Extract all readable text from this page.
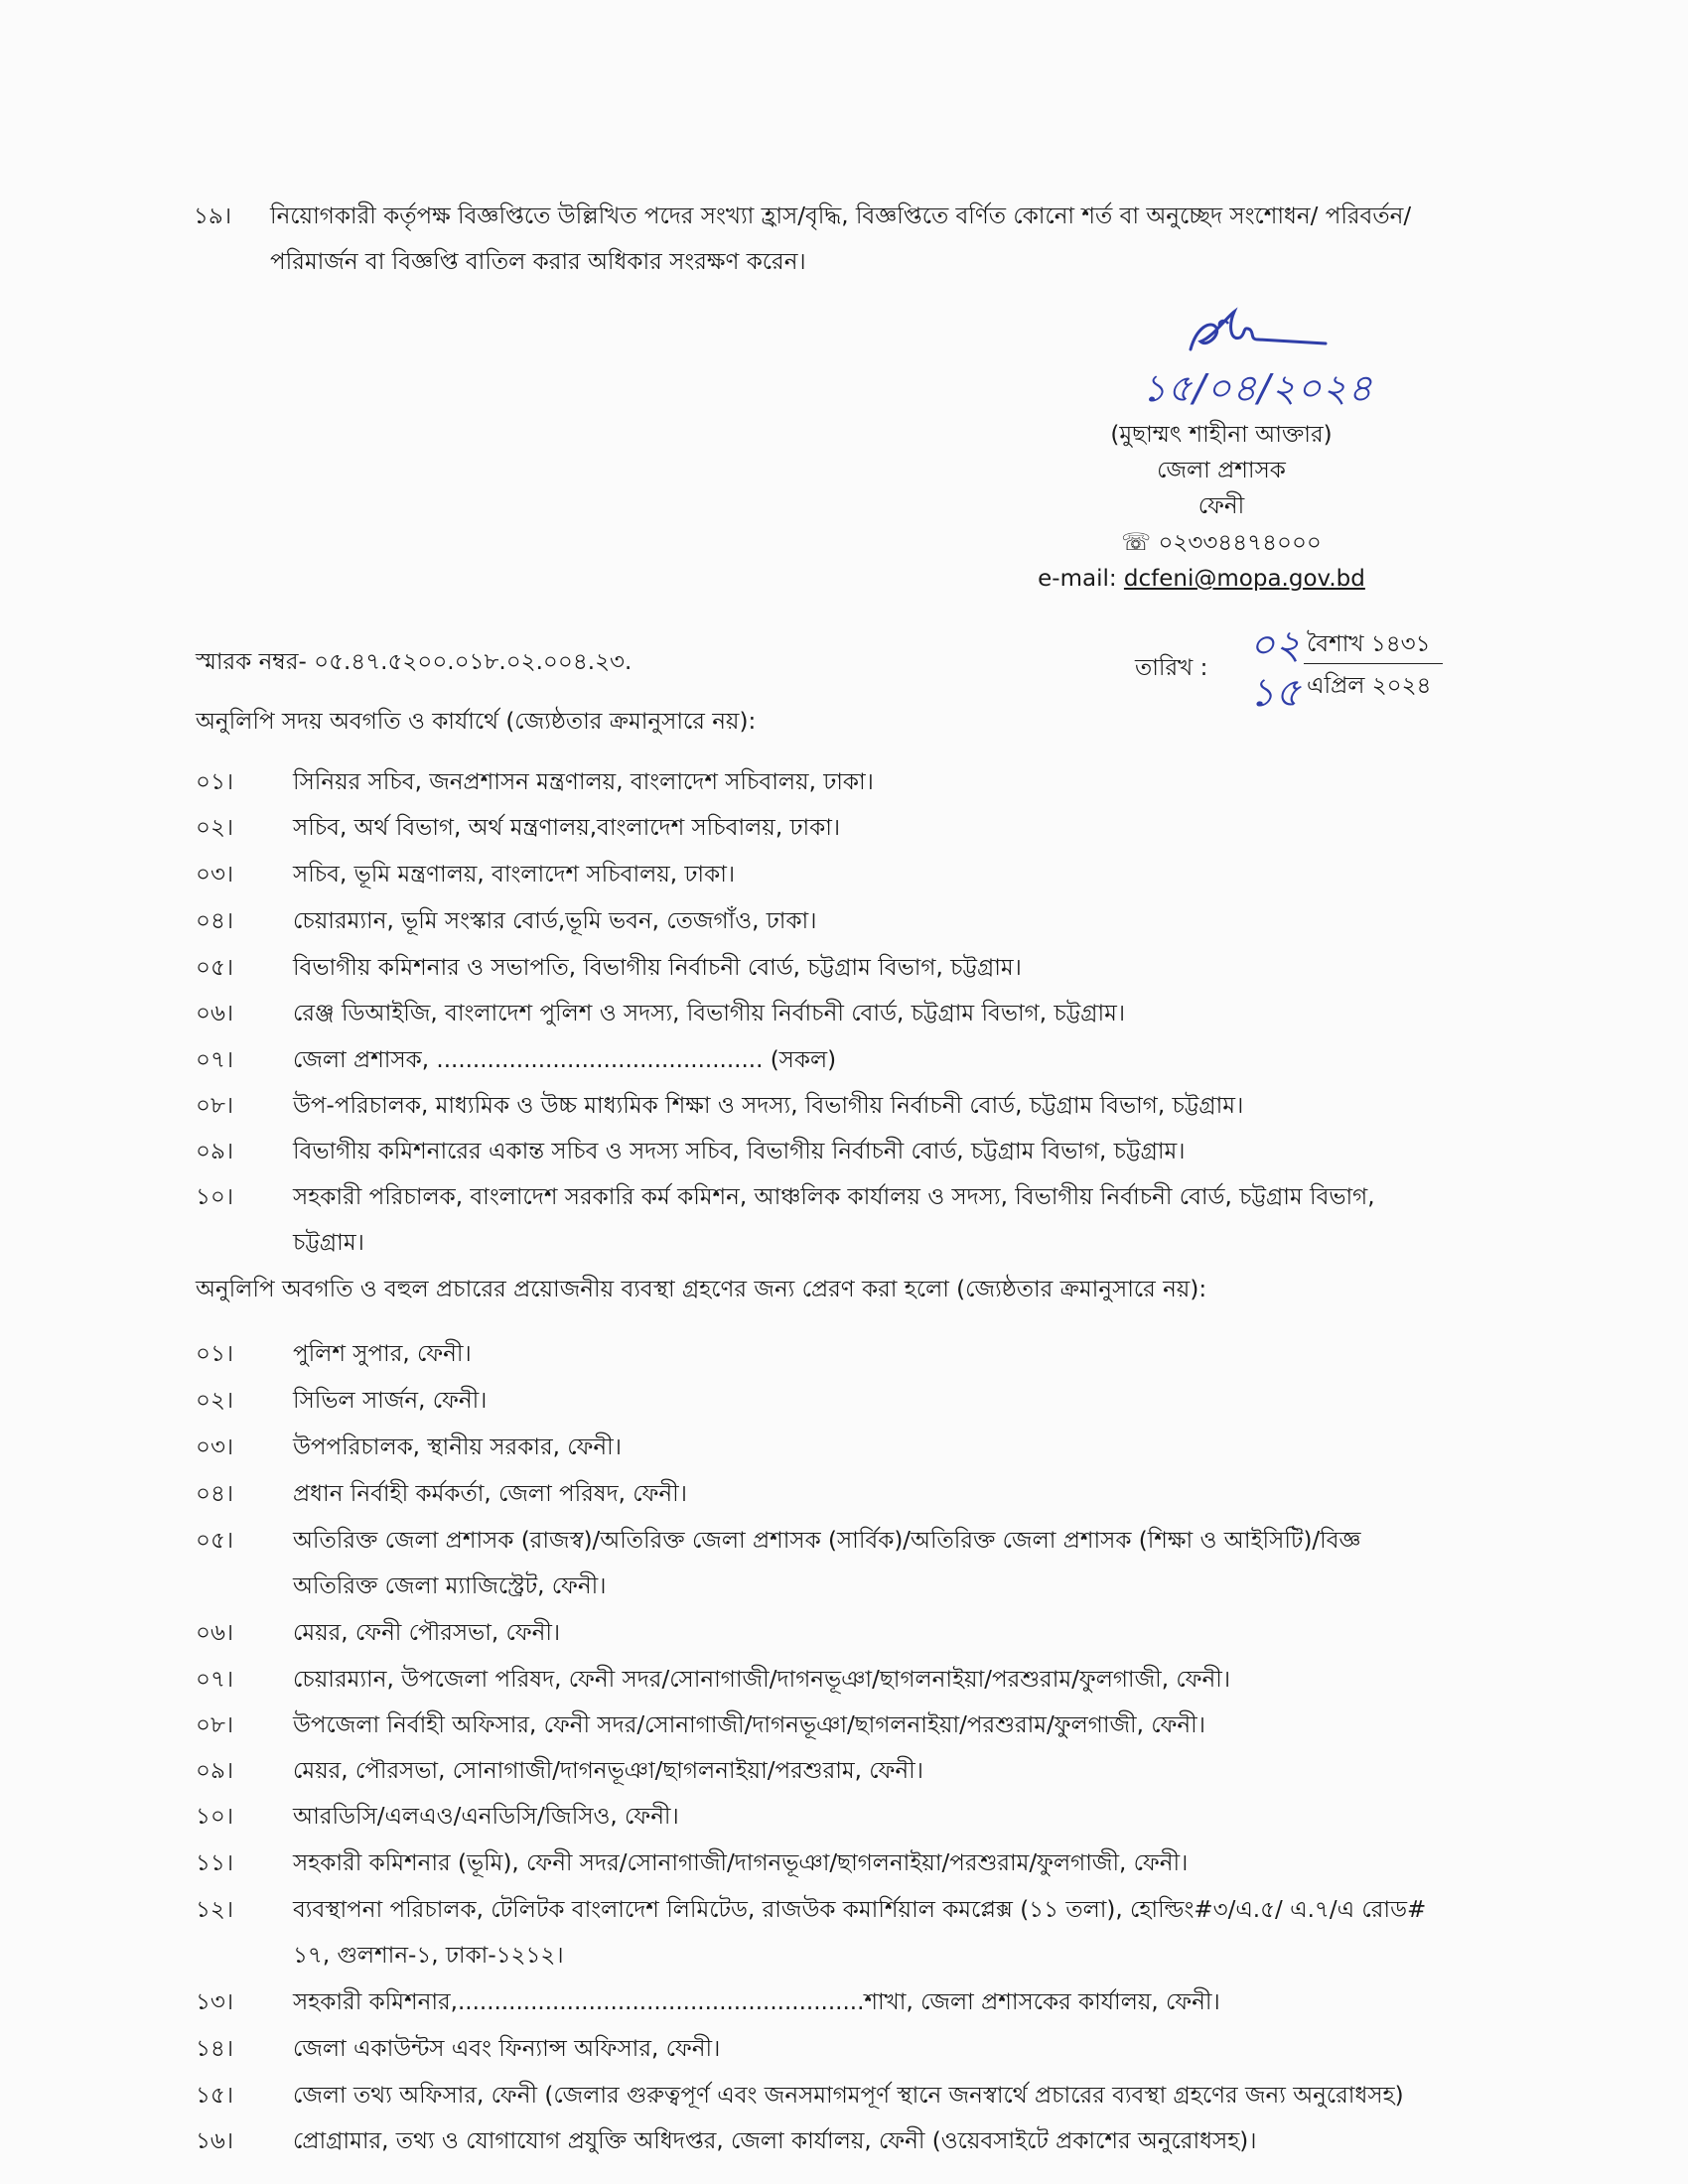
১৯। নিয়োগকারী কর্তৃপক্ষ বিজ্ঞপ্তিতে উল্লিখিত পদের সংখ্যা হ্রাস/বৃদ্ধি, বিজ্ঞপ্তিতে বর্ণিত কোনো শর্ত বা অনুচ্ছেদ সংশোধন/ পরিবর্তন/
পরিমার্জন বা বিজ্ঞপ্তি বাতিল করার অধিকার সংরক্ষণ করেন।
১৫/০৪/২০২৪
(মুছাম্মৎ শাহীনা আক্তার)
জেলা প্রশাসক
ফেনী
☏ ০২৩৩৪৪৭৪০০০
e-mail: dcfeni@mopa.gov.bd
স্মারক নম্বর- ০৫.৪৭.৫২০০.০১৮.০২.০০৪.২৩.	তারিখ : ০২ বৈশাখ ১৪৩১
১৫ এপ্রিল ২০২৪
অনুলিপি সদয় অবগতি ও কার্যার্থে (জ্যেষ্ঠতার ক্রমানুসারে নয়):
০১।	সিনিয়র সচিব, জনপ্রশাসন মন্ত্রণালয়, বাংলাদেশ সচিবালয়, ঢাকা।
০২।	সচিব, অর্থ বিভাগ, অর্থ মন্ত্রণালয়,বাংলাদেশ সচিবালয়, ঢাকা।
০৩।	সচিব, ভূমি মন্ত্রণালয়, বাংলাদেশ সচিবালয়, ঢাকা।
০৪।	চেয়ারম্যান, ভূমি সংস্কার বোর্ড,ভূমি ভবন, তেজগাঁও, ঢাকা।
০৫।	বিভাগীয় কমিশনার ও সভাপতি, বিভাগীয় নির্বাচনী বোর্ড, চট্টগ্রাম বিভাগ, চট্টগ্রাম।
০৬।	রেঞ্জ ডিআইজি, বাংলাদেশ পুলিশ ও সদস্য, বিভাগীয় নির্বাচনী বোর্ড, চট্টগ্রাম বিভাগ, চট্টগ্রাম।
০৭।	জেলা প্রশাসক, ............................................. (সকল)
০৮।	উপ-পরিচালক, মাধ্যমিক ও উচ্চ মাধ্যমিক শিক্ষা ও সদস্য, বিভাগীয় নির্বাচনী বোর্ড, চট্টগ্রাম বিভাগ, চট্টগ্রাম।
০৯।	বিভাগীয় কমিশনারের একান্ত সচিব ও সদস্য সচিব, বিভাগীয় নির্বাচনী বোর্ড, চট্টগ্রাম বিভাগ, চট্টগ্রাম।
১০।	সহকারী পরিচালক, বাংলাদেশ সরকারি কর্ম কমিশন, আঞ্চলিক কার্যালয় ও সদস্য, বিভাগীয় নির্বাচনী বোর্ড, চট্টগ্রাম বিভাগ,
চট্টগ্রাম।
অনুলিপি অবগতি ও বহুল প্রচারের প্রয়োজনীয় ব্যবস্থা গ্রহণের জন্য প্রেরণ করা হলো (জ্যেষ্ঠতার ক্রমানুসারে নয়):
০১।	পুলিশ সুপার, ফেনী।
০২।	সিভিল সার্জন, ফেনী।
০৩।	উপপরিচালক, স্থানীয় সরকার, ফেনী।
০৪।	প্রধান নির্বাহী কর্মকর্তা, জেলা পরিষদ, ফেনী।
০৫।	অতিরিক্ত জেলা প্রশাসক (রাজস্ব)/অতিরিক্ত জেলা প্রশাসক (সার্বিক)/অতিরিক্ত জেলা প্রশাসক (শিক্ষা ও আইসিটি)/বিজ্ঞ
অতিরিক্ত জেলা ম্যাজিস্ট্রেট, ফেনী।
০৬।	মেয়র, ফেনী পৌরসভা, ফেনী।
০৭।	চেয়ারম্যান, উপজেলা পরিষদ, ফেনী সদর/সোনাগাজী/দাগনভূঞা/ছাগলনাইয়া/পরশুরাম/ফুলগাজী, ফেনী।
০৮।	উপজেলা নির্বাহী অফিসার, ফেনী সদর/সোনাগাজী/দাগনভূঞা/ছাগলনাইয়া/পরশুরাম/ফুলগাজী, ফেনী।
০৯।	মেয়র, পৌরসভা, সোনাগাজী/দাগনভূঞা/ছাগলনাইয়া/পরশুরাম, ফেনী।
১০।	আরডিসি/এলএও/এনডিসি/জিসিও, ফেনী।
১১।	সহকারী কমিশনার (ভূমি), ফেনী সদর/সোনাগাজী/দাগনভূঞা/ছাগলনাইয়া/পরশুরাম/ফুলগাজী, ফেনী।
১২।	ব্যবস্থাপনা পরিচালক, টেলিটক বাংলাদেশ লিমিটেড, রাজউক কমার্শিয়াল কমপ্লেক্স (১১ তলা), হোল্ডিং#৩/এ.৫/ এ.৭/এ রোড#
১৭, গুলশান-১, ঢাকা-১২১২।
১৩।	সহকারী কমিশনার,........................................................শাখা, জেলা প্রশাসকের কার্যালয়, ফেনী।
১৪।	জেলা একাউন্টস এবং ফিন্যান্স অফিসার, ফেনী।
১৫।	জেলা তথ্য অফিসার, ফেনী (জেলার গুরুত্বপূর্ণ এবং জনসমাগমপূর্ণ স্থানে জনস্বার্থে প্রচারের ব্যবস্থা গ্রহণের জন্য অনুরোধসহ)
১৬।	প্রোগ্রামার, তথ্য ও যোগাযোগ প্রযুক্তি অধিদপ্তর, জেলা কার্যালয়, ফেনী (ওয়েবসাইটে প্রকাশের অনুরোধসহ)।
